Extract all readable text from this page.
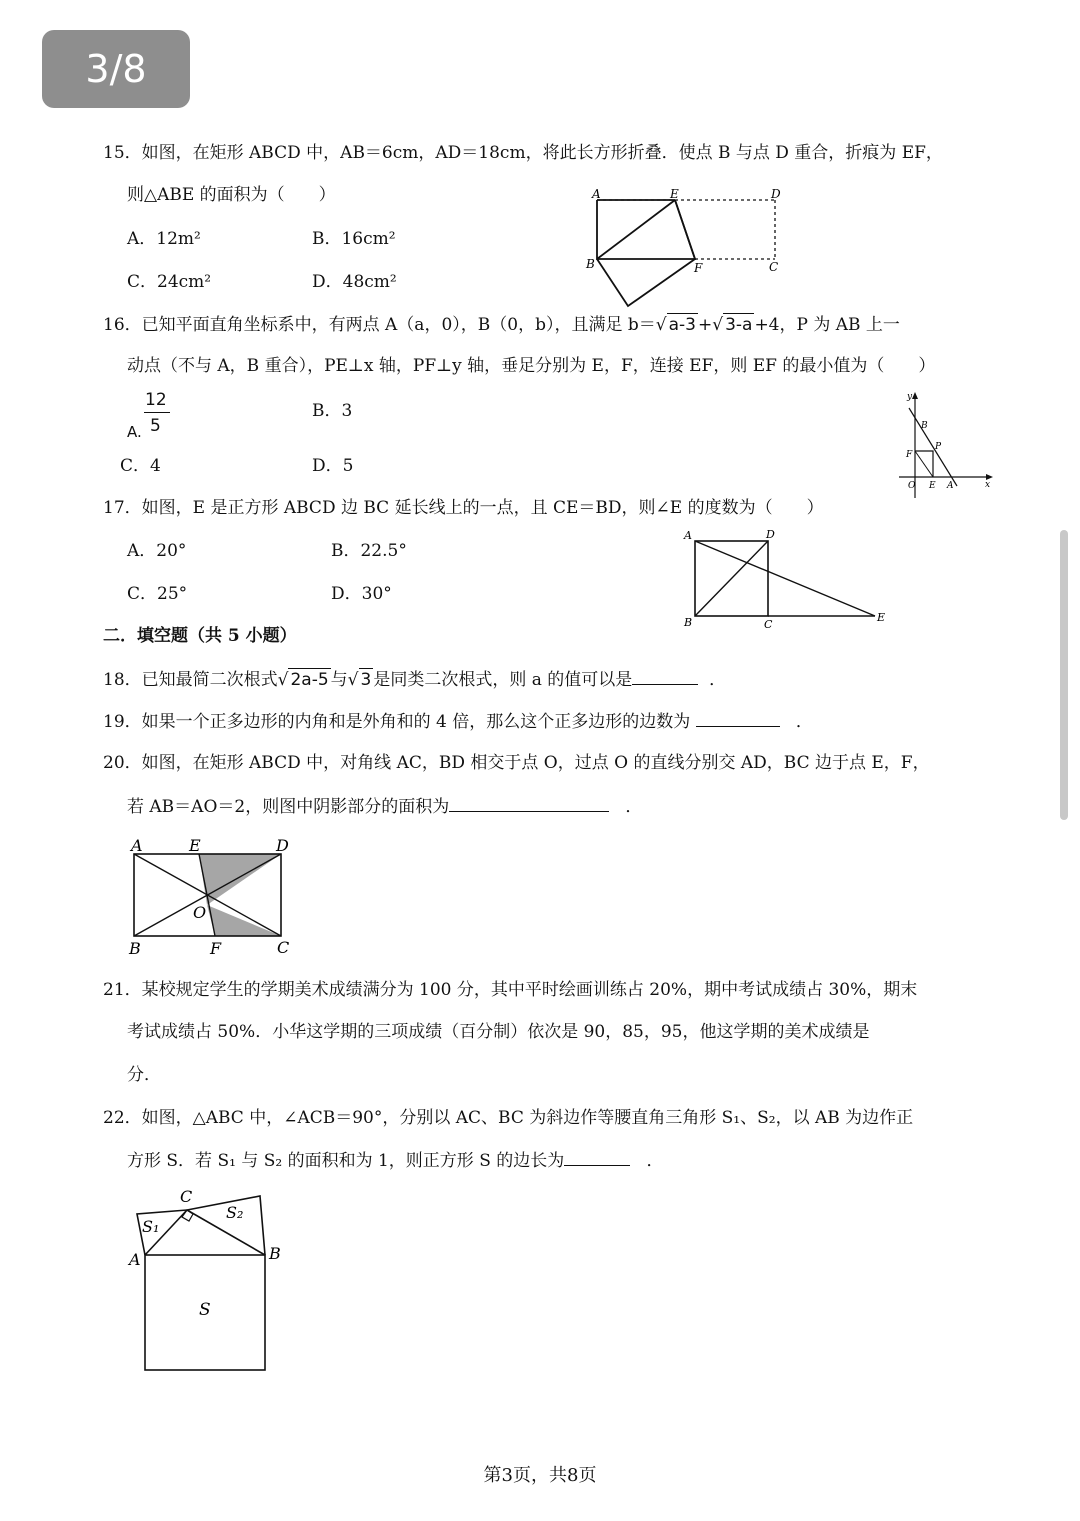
3/8
15．如图，在矩形 ABCD 中，AB＝6cm，AD＝18cm，将此长方形折叠．使点 B 与点 D 重合，折痕为 EF，
则△ABE 的面积为（　　）
A．12m²	B．16cm²
C．24cm²	D．48cm²
A	E	D
B	F	C
16．已知平面直角坐标系中，有两点 A（a，0），B（0，b），且满足 b＝√ a-3 +√ 3-a +4，P 为 AB 上一
动点（不与 A，B 重合），PE⊥x 轴，PF⊥y 轴，垂足分别为 E，F，连接 EF，则 EF 的最小值为（　　）
12
5
A.
B．3
C．4	D．5
y
B
P
F
O E A	x
17．如图，E 是正方形 ABCD 边 BC 延长线上的一点，且 CE＝BD，则∠E 的度数为（　　）
A．20°	B．22.5°
C．25°	D．30°
A	D
B	C
E
二．填空题（共 5 小题）
18．已知最简二次根式√ 2a-5 与√ 3 是同类二次根式，则 a 的值可以是	．
19．如果一个正多边形的内角和是外角和的 4 倍，那么这个正多边形的边数为	．
20．如图，在矩形 ABCD 中，对角线 AC，BD 相交于点 O，过点 O 的直线分别交 AD，BC 边于点 E，F，
若 AB＝AO＝2，则图中阴影部分的面积为	．
A	E	D
O
B	F	C
21．某校规定学生的学期美术成绩满分为 100 分，其中平时绘画训练占 20%，期中考试成绩占 30%，期末
考试成绩占 50%．小华这学期的三项成绩（百分制）依次是 90，85，95，他这学期的美术成绩是
分．
22．如图，△ABC 中，∠ACB＝90°，分别以 AC、BC 为斜边作等腰直角三角形 S₁、S₂，以 AB 为边作正
方形 S．若 S₁ 与 S₂ 的面积和为 1，则正方形 S 的边长为	．
C
S₁
S₂
A	B
S
第3页，共8页
